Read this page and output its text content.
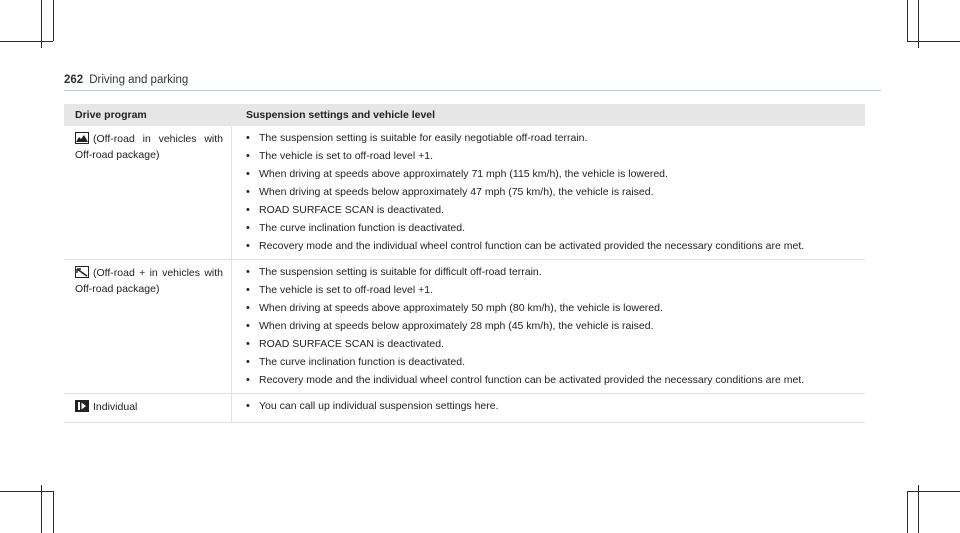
262 Driving and parking
Drive program	Suspension settings and vehicle level
(Off-road in vehicles with Off-road package)
• The suspension setting is suitable for easily negotiable off-road terrain.
• The vehicle is set to off-road level +1.
• When driving at speeds above approximately 71 mph (115 km/h), the vehicle is lowered.
• When driving at speeds below approximately 47 mph (75 km/h), the vehicle is raised.
• ROAD SURFACE SCAN is deactivated.
• The curve inclination function is deactivated.
• Recovery mode and the individual wheel control function can be activated provided the necessary conditions are met.
(Off-road + in vehicles with Off-road package)
• The suspension setting is suitable for difficult off-road terrain.
• The vehicle is set to off-road level +1.
• When driving at speeds above approximately 50 mph (80 km/h), the vehicle is lowered.
• When driving at speeds below approximately 28 mph (45 km/h), the vehicle is raised.
• ROAD SURFACE SCAN is deactivated.
• The curve inclination function is deactivated.
• Recovery mode and the individual wheel control function can be activated provided the necessary conditions are met.
Individual	• You can call up individual suspension settings here.
